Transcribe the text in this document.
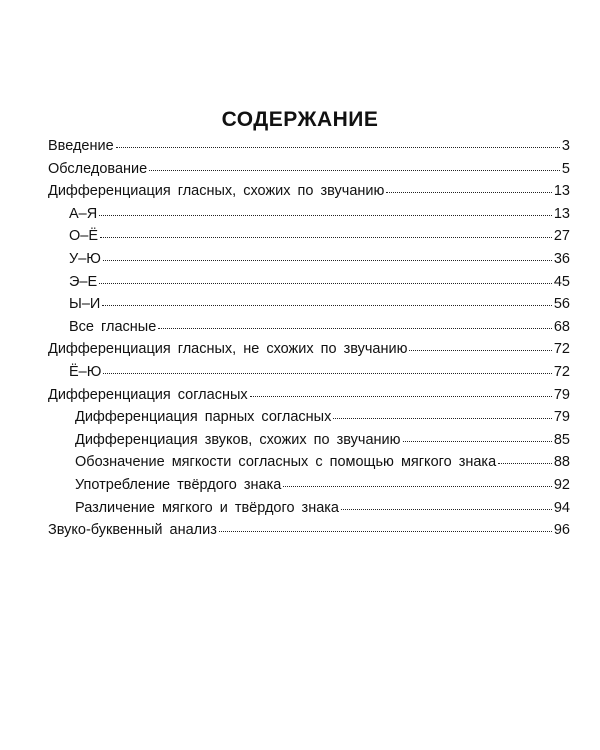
СОДЕРЖАНИЕ
Введение	3
Обследование	5
Дифференциация гласных, схожих по звучанию	13
А–Я	13
О–Ё	27
У–Ю	36
Э–Е	45
Ы–И	56
Все гласные	68
Дифференциация гласных, не схожих по звучанию	72
Ё–Ю	72
Дифференциация согласных	79
Дифференциация парных согласных	79
Дифференциация звуков, схожих по звучанию	85
Обозначение мягкости согласных с помощью мягкого знака	88
Употребление твёрдого знака	92
Различение мягкого и твёрдого знака	94
Звуко-буквенный анализ	96
